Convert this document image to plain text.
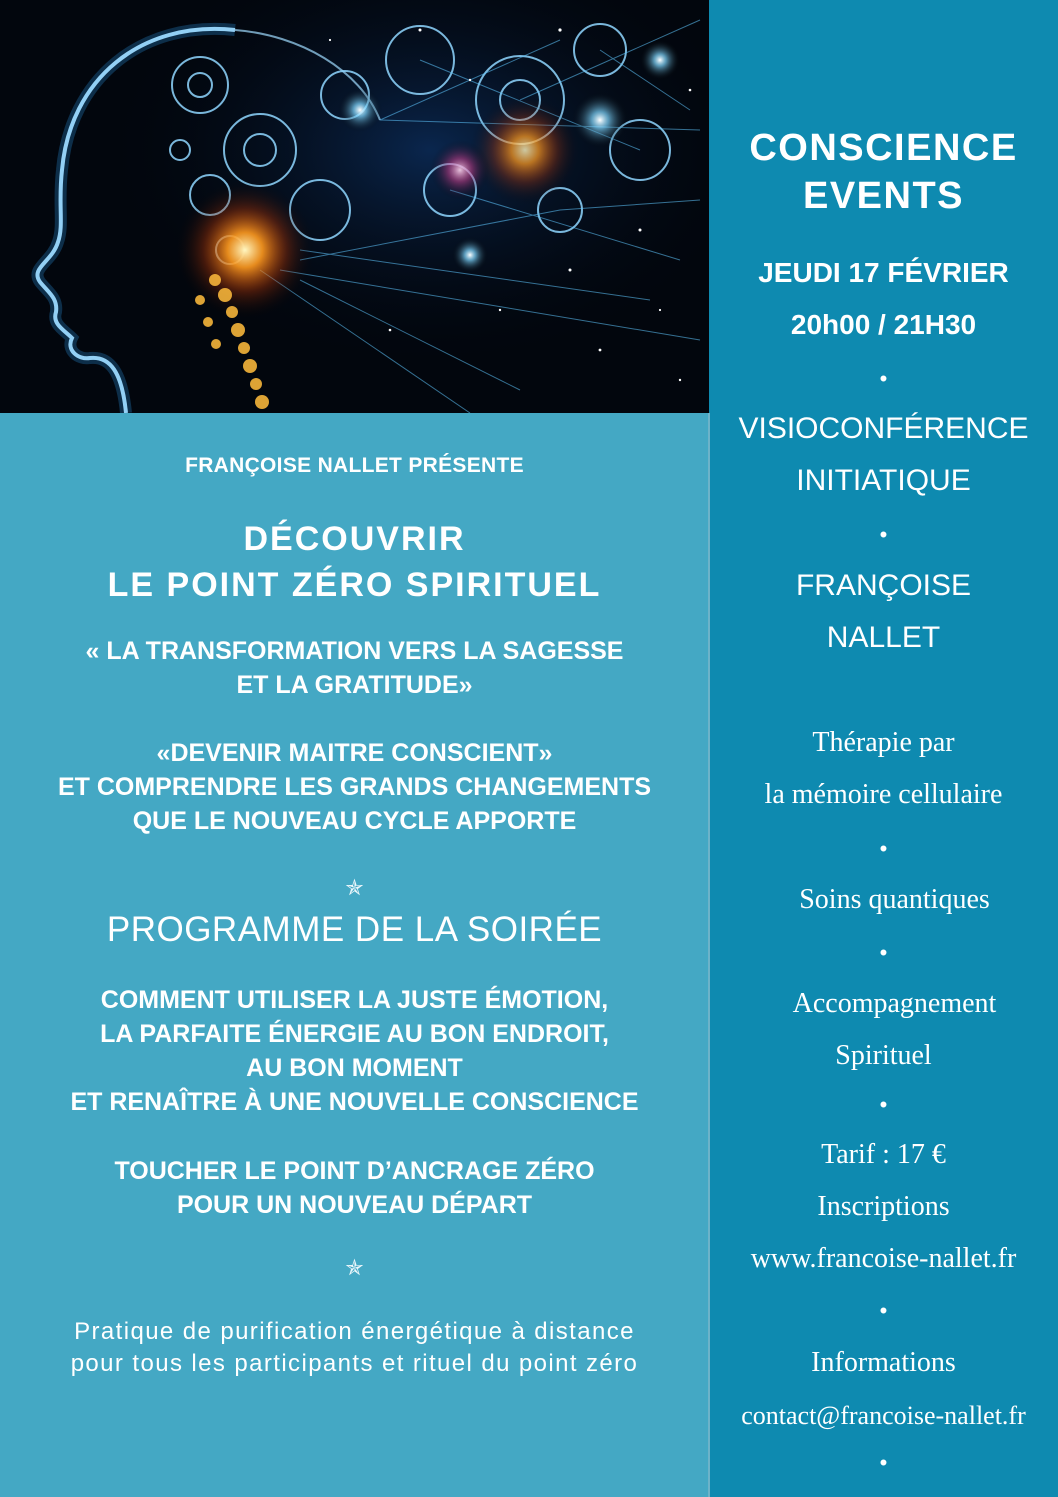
FRANÇOISE NALLET PRÉSENTE

DÉCOUVRIR
LE POINT ZÉRO SPIRITUEL
« LA TRANSFORMATION VERS LA SAGESSE
ET LA GRATITUDE»
«DEVENIR MAITRE CONSCIENT»
ET COMPRENDRE LES GRANDS CHANGEMENTS
QUE LE NOUVEAU CYCLE APPORTE
✯

PROGRAMME DE LA SOIRÉE

COMMENT UTILISER LA JUSTE ÉMOTION,
LA PARFAITE ÉNERGIE AU BON ENDROIT,
AU BON MOMENT
ET RENAÎTRE À UNE NOUVELLE CONSCIENCE
TOUCHER LE POINT D’ANCRAGE ZÉRO
POUR UN NOUVEAU DÉPART
✯
Pratique de purification énergétique à distance
pour tous les participants et rituel du point zéro
CONSCIENCE
EVENTS

JEUDI 17 FÉVRIER

20h00 / 21H30

•

VISIOCONFÉRENCE

INITIATIQUE

•

FRANÇOISE

NALLET

Thérapie par

la mémoire cellulaire

•

Soins quantiques

•

Accompagnement

Spirituel

•

Tarif : 17 €

Inscriptions

www.francoise-nallet.fr

•

Informations

contact@francoise-nallet.fr

•
